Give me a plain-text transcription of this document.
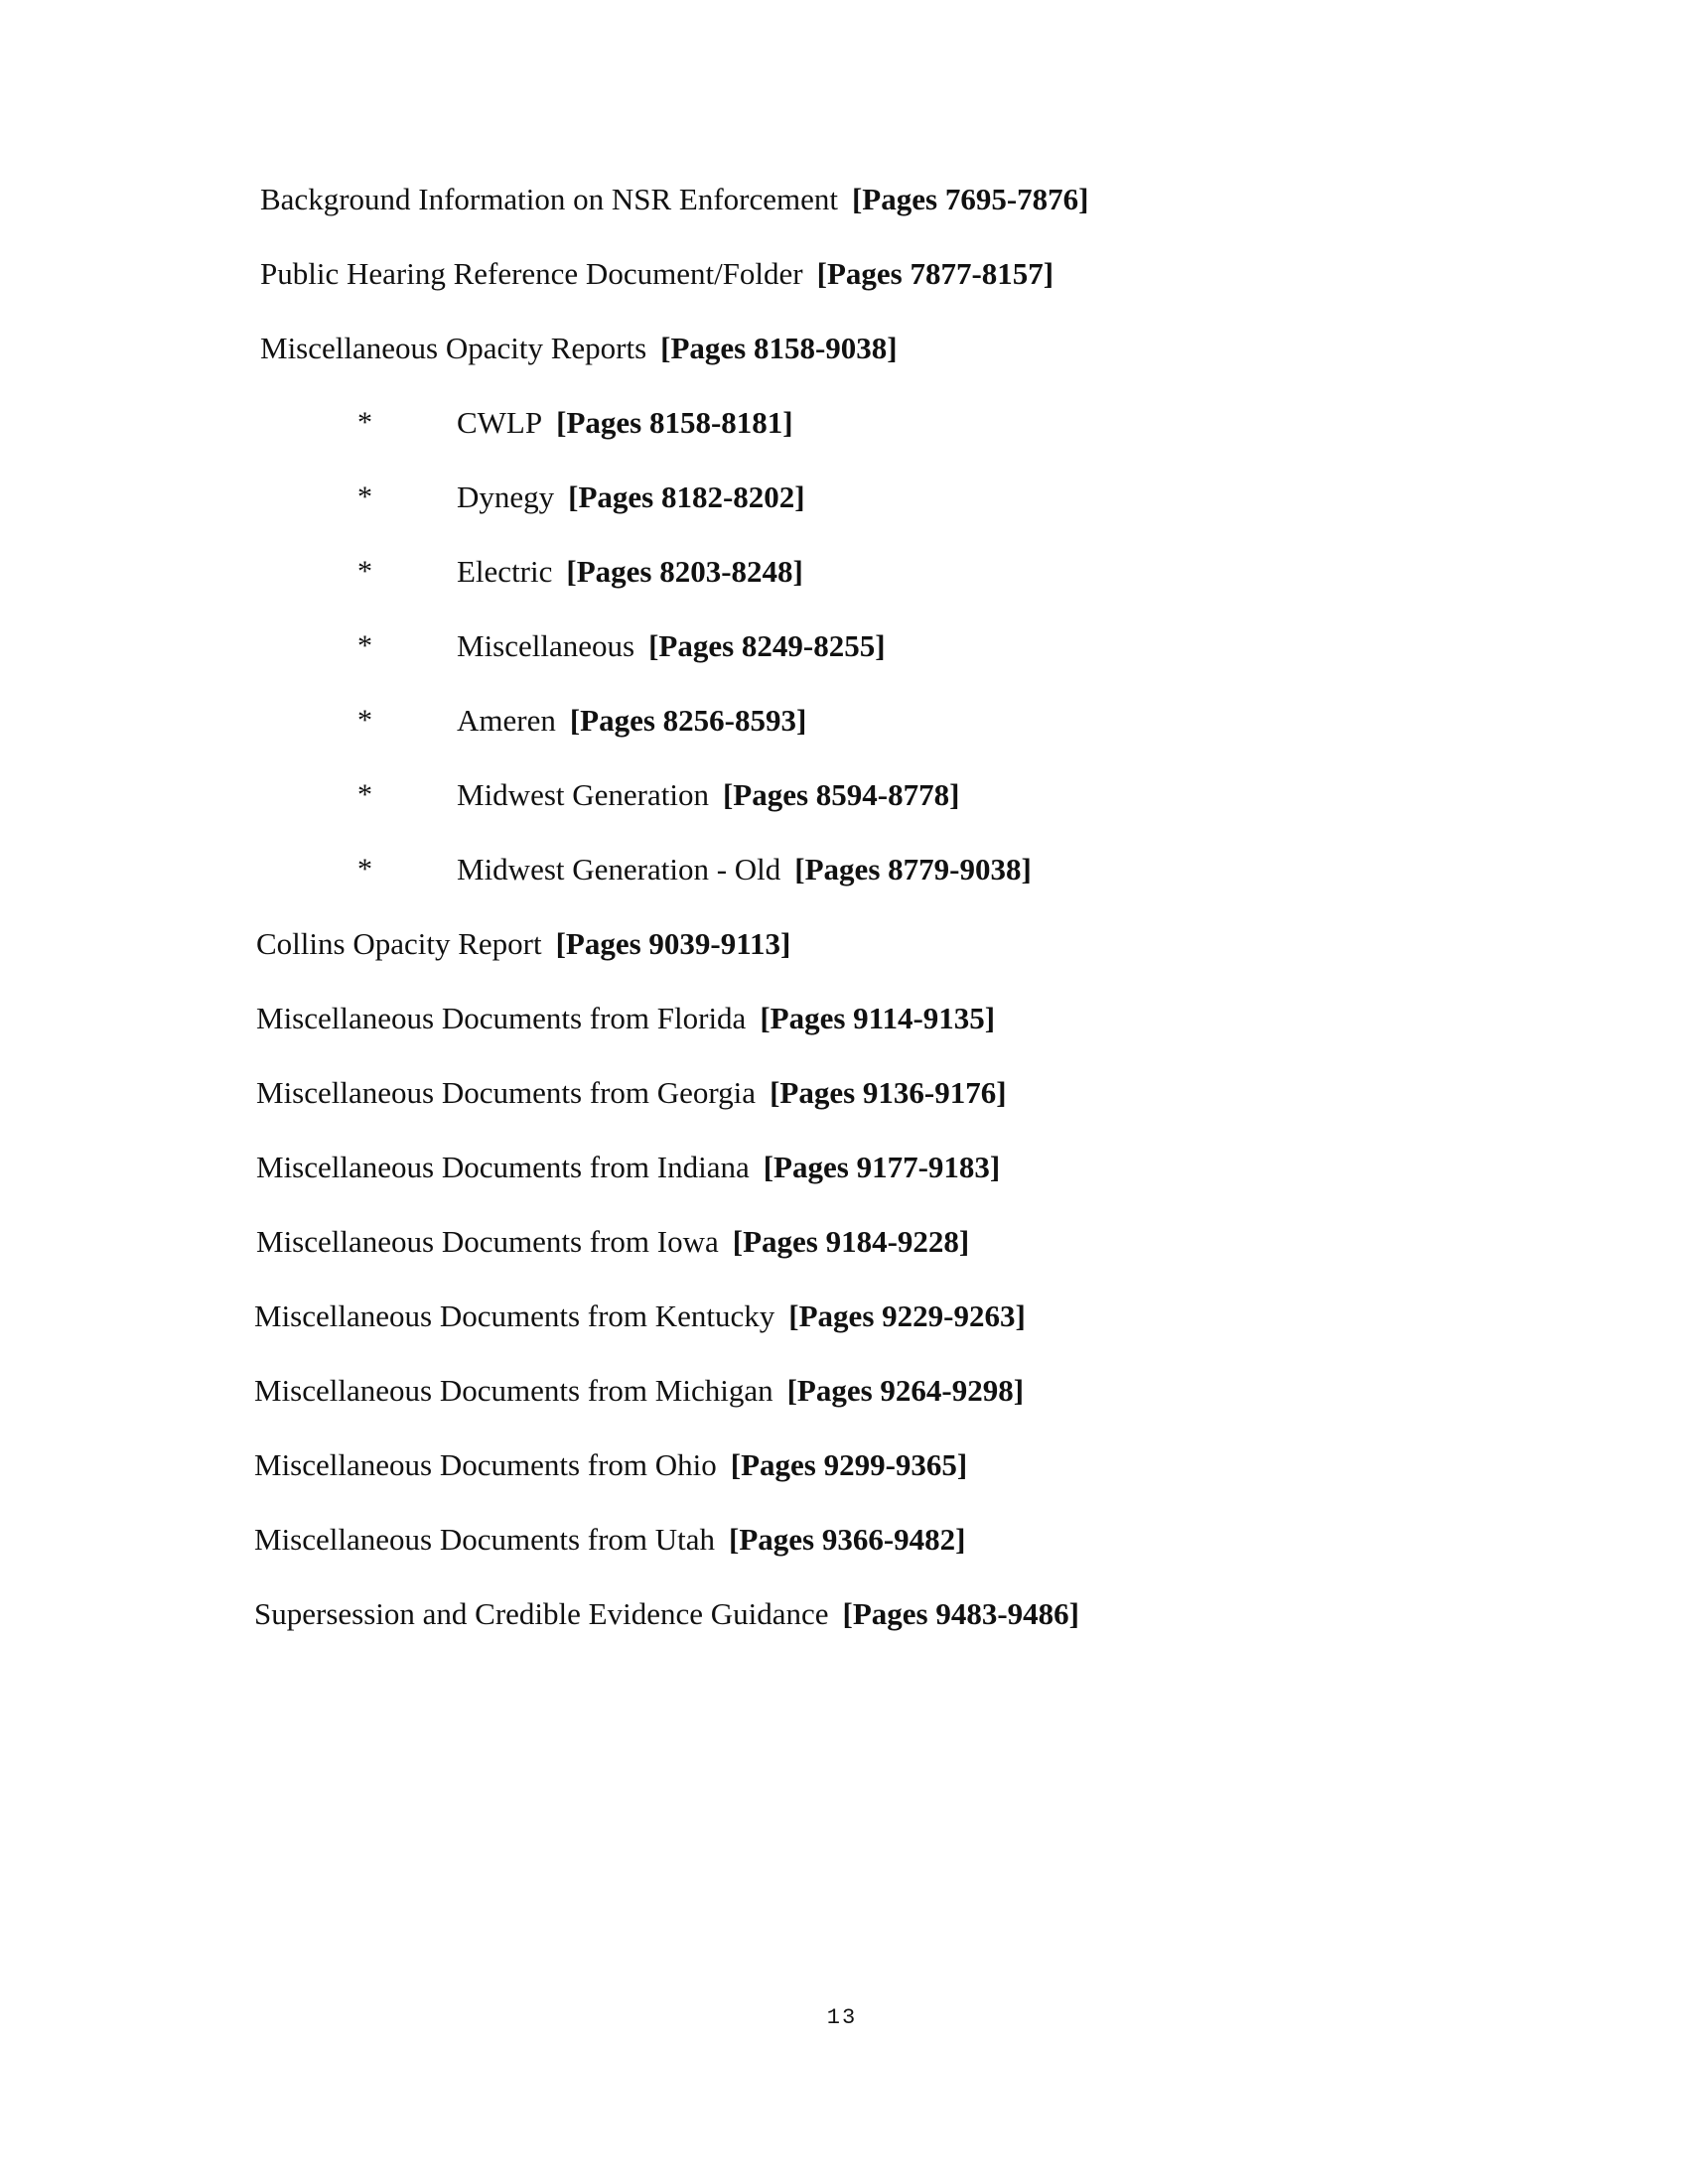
Background Information on NSR Enforcement [Pages 7695-7876]
Public Hearing Reference Document/Folder [Pages 7877-8157]
Miscellaneous Opacity Reports [Pages 8158-9038]
*	CWLP [Pages 8158-8181]
*	Dynegy [Pages 8182-8202]
*	Electric [Pages 8203-8248]
*	Miscellaneous [Pages 8249-8255]
*	Ameren [Pages 8256-8593]
*	Midwest Generation [Pages 8594-8778]
*	Midwest Generation - Old [Pages 8779-9038]
Collins Opacity Report [Pages 9039-9113]
Miscellaneous Documents from Florida [Pages 9114-9135]
Miscellaneous Documents from Georgia [Pages 9136-9176]
Miscellaneous Documents from Indiana [Pages 9177-9183]
Miscellaneous Documents from Iowa [Pages 9184-9228]
Miscellaneous Documents from Kentucky [Pages 9229-9263]
Miscellaneous Documents from Michigan [Pages 9264-9298]
Miscellaneous Documents from Ohio [Pages 9299-9365]
Miscellaneous Documents from Utah [Pages 9366-9482]
Supersession and Credible Evidence Guidance [Pages 9483-9486]
13
